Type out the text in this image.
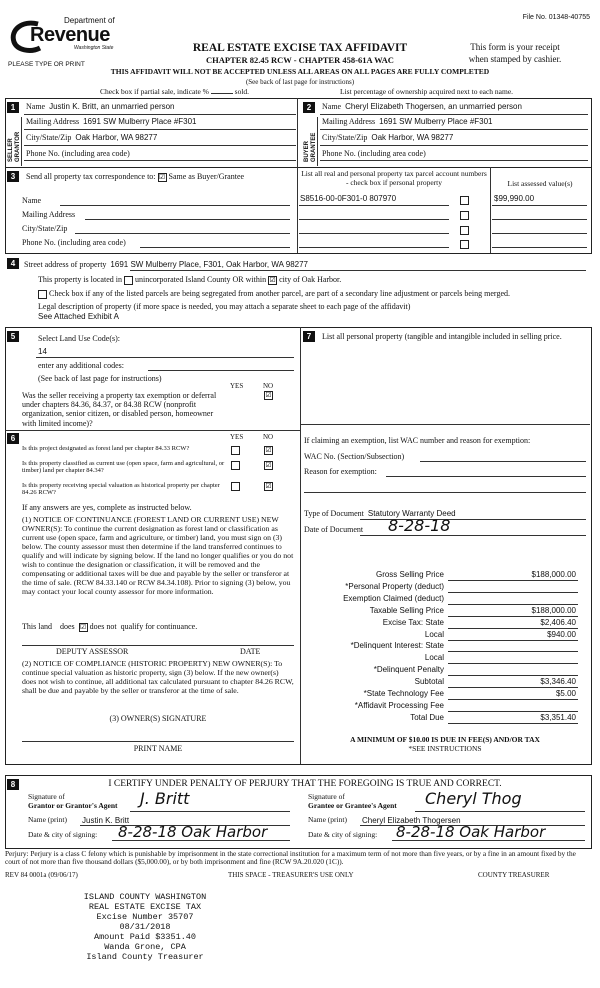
File No. 01348-40755
Department of
Revenue
Washington State
PLEASE TYPE OR PRINT
REAL ESTATE EXCISE TAX AFFIDAVIT
CHAPTER 82.45 RCW - CHAPTER 458-61A WAC
This form is your receipt
when stamped by cashier.
THIS AFFIDAVIT WILL NOT BE ACCEPTED UNLESS ALL AREAS ON ALL PAGES ARE FULLY COMPLETED
(See back of last page for instructions)
Check box if partial sale, indicate %	sold.	List percentage of ownership acquired next to each name.
1
SELLER GRANTOR
Name Justin K. Britt, an unmarried person
Mailing Address 1691 SW Mulberry Place #F301
City/State/Zip Oak Harbor, WA 98277
Phone No. (including area code)
2
BUYER GRANTEE
Name Cheryl Elizabeth Thogersen, an unmarried person
Mailing Address 1691 SW Mulberry Place #F301
City/State/Zip Oak Harbor, WA 98277
Phone No. (including area code)
3	Send all property tax correspondence to: ☑ Same as Buyer/Grantee
Name
Mailing Address
City/State/Zip
Phone No. (including area code)
List all real and personal property tax parcel account numbers - check box if personal property	List assessed value(s)
S8516-00-0F301-0 807970	$99,990.00
4	Street address of property 1691 SW Mulberry Place, F301, Oak Harbor, WA 98277
This property is located in unincorporated Island County OR within ☑ city of Oak Harbor.
Check box if any of the listed parcels are being segregated from another parcel, are part of a secondary line adjustment or parcels being merged.
Legal description of property (if more space is needed, you may attach a separate sheet to each page of the affidavit)
See Attached Exhibit A
5	Select Land Use Code(s):
14
enter any additional codes:
(See back of last page for instructions)
YES	NO
Was the seller receiving a property tax exemption or deferral under chapters 84.36, 84.37, or 84.38 RCW (nonprofit organization, senior citizen, or disabled person, homeowner with limited income)?
☑
6	YES	NO
Is this project designated as forest land per chapter 84.33 RCW?	☑
Is this property classified as current use (open space, farm and agricultural, or timber) land per chapter 84.34?
☑
Is this property receiving special valuation as historical property per chapter 84.26 RCW?
☑
If any answers are yes, complete as instructed below.
(1) NOTICE OF CONTINUANCE (FOREST LAND OR CURRENT USE) NEW OWNER(S): To continue the current designation as forest land or classification as current use (open space, farm and agriculture, or timber) land, you must sign on (3) below. The county assessor must then determine if the land transferred continues to qualify and will indicate by signing below. If the land no longer qualifies or you do not wish to continue the designation or classification, it will be removed and the compensating or additional taxes will be due and payable by the seller or transferor at the time of sale. (RCW 84.33.140 or RCW 84.34.108). Prior to signing (3) below, you may contact your local county assessor for more information.
This land does ☑ does not qualify for continuance.
DEPUTY ASSESSOR	DATE
(2) NOTICE OF COMPLIANCE (HISTORIC PROPERTY) NEW OWNER(S): To continue special valuation as historic property, sign (3) below. If the new owner(s) does not wish to continue, all additional tax calculated pursuant to chapter 84.26 RCW, shall be due and payable by the seller or transferor at the time of sale.
(3) OWNER(S) SIGNATURE
PRINT NAME
7	List all personal property (tangible and intangible included in selling price.
If claiming an exemption, list WAC number and reason for exemption:
WAC No. (Section/Subsection)
Reason for exemption:
Type of Document Statutory Warranty Deed
Date of Document 8-28-18
Gross Selling Price	$188,000.00
*Personal Property (deduct)
Exemption Claimed (deduct)
Taxable Selling Price	$188,000.00
Excise Tax: State	$2,406.40
Local	$940.00
*Delinquent Interest: State
Local
*Delinquent Penalty
Subtotal	$3,346.40
*State Technology Fee	$5.00
*Affidavit Processing Fee
Total Due	$3,351.40
A MINIMUM OF $10.00 IS DUE IN FEE(S) AND/OR TAX
*SEE INSTRUCTIONS
8	I CERTIFY UNDER PENALTY OF PERJURY THAT THE FOREGOING IS TRUE AND CORRECT.
Signature of
Grantor or Grantor's Agent J. Britt
Name (print) Justin K. Britt
Date & city of signing: 8-28-18 Oak Harbor
Signature of
Grantee or Grantee's Agent Cheryl Thog
Name (print) Cheryl Elizabeth Thogersen
Date & city of signing: 8-28-18 Oak Harbor
Perjury: Perjury is a class C felony which is punishable by imprisonment in the state correctional institution for a maximum term of not more than five years, or by a fine in an amount fixed by the court of not more than five thousand dollars ($5,000.00), or by both imprisonment and fine (RCW 9A.20.020 (1C)).
REV 84 0001a (09/06/17)	THIS SPACE - TREASURER'S USE ONLY	COUNTY TREASURER
ISLAND COUNTY WASHINGTON
REAL ESTATE EXCISE TAX
Excise Number 35707
08/31/2018
Amount Paid $3351.40
Wanda Grone, CPA
Island County Treasurer
